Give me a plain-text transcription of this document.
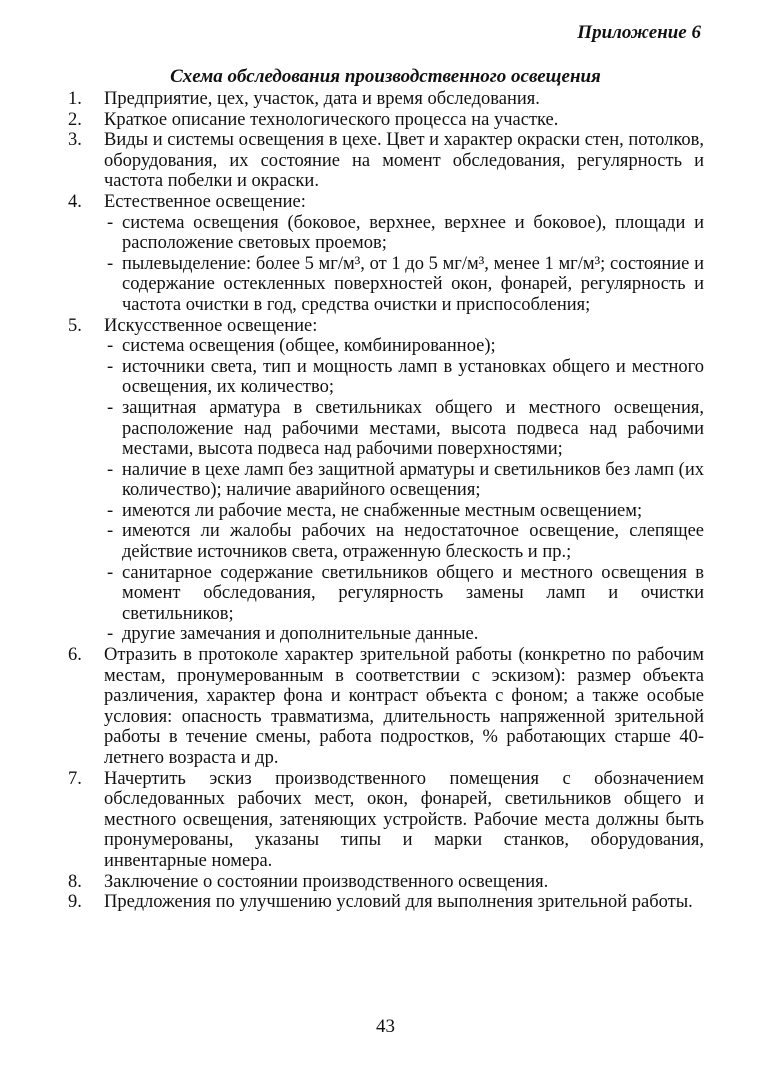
Приложение 6
Схема обследования производственного освещения
1. Предприятие, цех, участок, дата и время обследования.
2. Краткое описание технологического процесса на участке.
3. Виды и системы освещения в цехе. Цвет и характер окраски стен, потолков, оборудования, их состояние на момент обследования, регулярность и частота побелки и окраски.
4. Естественное освещение:
- система освещения (боковое, верхнее, верхнее и боковое), площади и расположение световых проемов;
- пылевыделение: более 5 мг/м³, от 1 до 5 мг/м³, менее 1 мг/м³; состояние и содержание остекленных поверхностей окон, фонарей, регулярность и частота очистки в год, средства очистки и приспособления;
5. Искусственное освещение:
- система освещения (общее, комбинированное);
- источники света, тип и мощность ламп в установках общего и местного освещения, их количество;
- защитная арматура в светильниках общего и местного освещения, расположение над рабочими местами, высота подвеса над рабочими местами, высота подвеса над рабочими поверхностями;
- наличие в цехе ламп без защитной арматуры и светильников без ламп (их количество); наличие аварийного освещения;
- имеются ли рабочие места, не снабженные местным освещением;
- имеются ли жалобы рабочих на недостаточное освещение, слепящее действие источников света, отраженную блескость и пр.;
- санитарное содержание светильников общего и местного освещения в момент обследования, регулярность замены ламп и очистки светильников;
- другие замечания и дополнительные данные.
6. Отразить в протоколе характер зрительной работы (конкретно по рабочим местам, пронумерованным в соответствии с эскизом): размер объекта различения, характер фона и контраст объекта с фоном; а также особые условия: опасность травматизма, длительность напряженной зрительной работы в течение смены, работа подростков, % работающих старше 40-летнего возраста и др.
7. Начертить эскиз производственного помещения с обозначением обследованных рабочих мест, окон, фонарей, светильников общего и местного освещения, затеняющих устройств. Рабочие места должны быть пронумерованы, указаны типы и марки станков, оборудования, инвентарные номера.
8. Заключение о состоянии производственного освещения.
9. Предложения по улучшению условий для выполнения зрительной работы.
43
